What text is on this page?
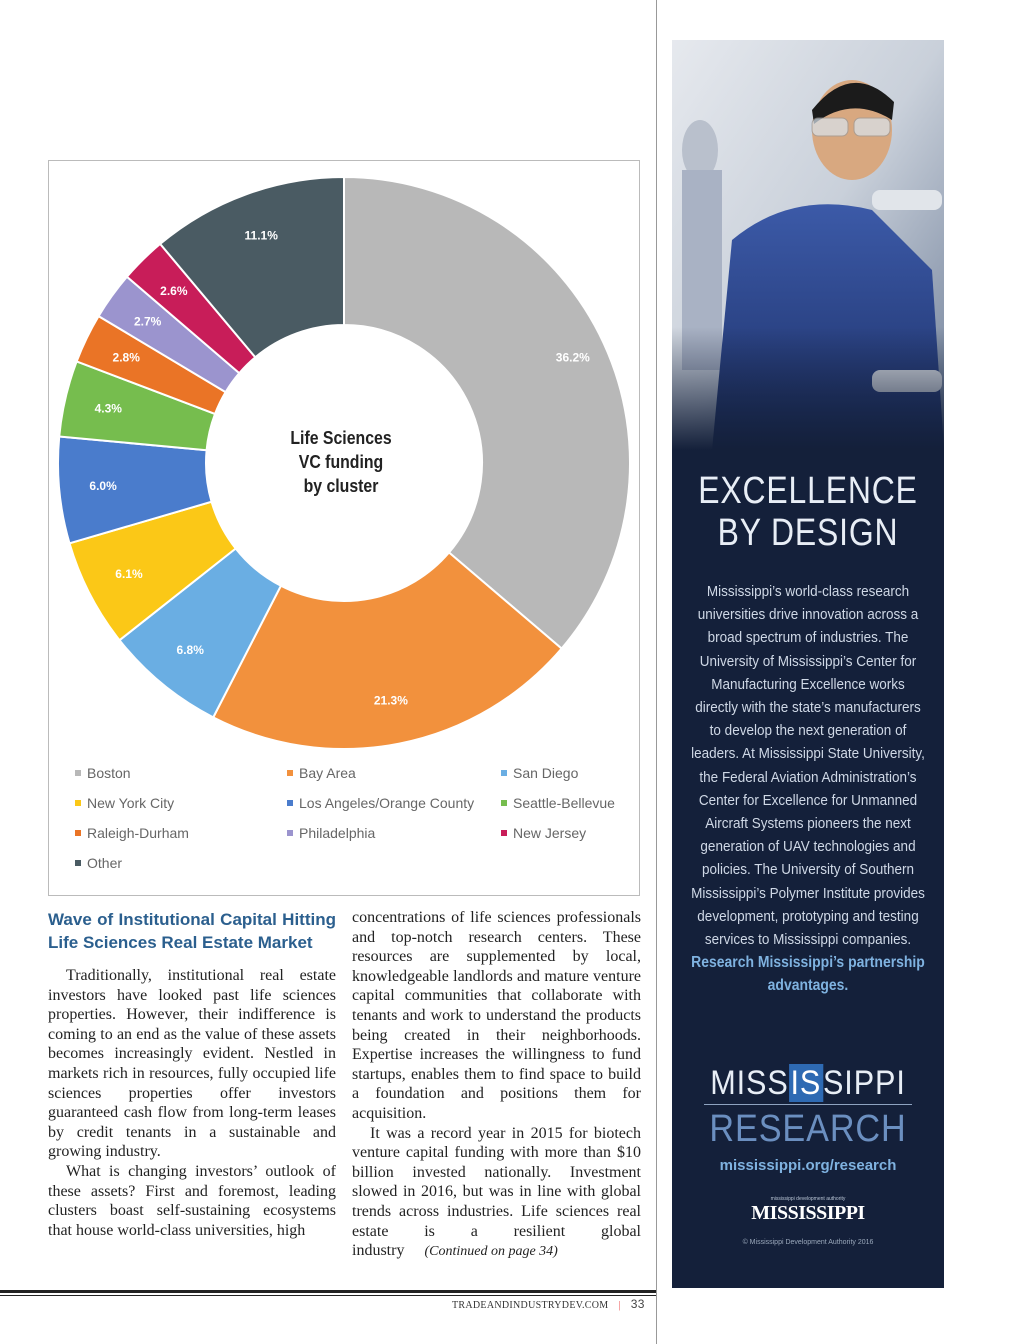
36.2%
21.3%
6.8%
6.1%
6.0%
4.3%
2.8%
2.7%
2.6%
11.1%
Life Sciences
VC funding
by cluster
Boston	Bay Area	San Diego
New York City	Los Angeles/Orange County	Seattle-Bellevue
Raleigh-Durham	Philadelphia	New Jersey
Other
Wave of Institutional Capital Hitting Life Sciences Real Estate Market

Traditionally, institutional real estate investors have looked past life sciences properties. However, their indifference is coming to an end as the value of these assets becomes increasingly evident. Nestled in markets rich in resources, fully occupied life sciences properties offer investors guaranteed cash flow from long-term leases by credit tenants in a sustainable and growing industry.

What is changing investors’ outlook of these assets? First and foremost, leading clusters boast self-sustaining ecosystems that house world-class universities, high

concentrations of life sciences professionals and top-notch research centers. These resources are supplemented by local, knowledgeable landlords and mature venture capital communities that collaborate with tenants and work to understand the products being created in their neighborhoods. Expertise increases the willingness to fund startups, enables them to find space to build a foundation and positions them for acquisition.

It was a record year in 2015 for biotech venture capital funding with more than $10 billion invested nationally. Investment slowed in 2016, but was in line with global trends across industries. Life sciences real estate is a resilient global industry (Continued on page 34)

EXCELLENCE
BY DESIGN
Mississippi’s world-class research universities drive innovation across a broad spectrum of industries. The University of Mississippi’s Center for Manufacturing Excellence works directly with the state’s manufacturers to develop the next generation of leaders. At Mississippi State University, the Federal Aviation Administration’s Center for Excellence for Unmanned Aircraft Systems pioneers the next generation of UAV technologies and policies. The University of Southern Mississippi’s Polymer Institute provides development, prototyping and testing services to Mississippi companies.
Research Mississippi’s partnership advantages.
MISSISSIPPI
RESEARCH
mississippi.org/research
mississippi development authority
MISSISSIPPI
© Mississippi Development Authority 2016
TRADEANDINDUSTRYDEV.COM | 33
